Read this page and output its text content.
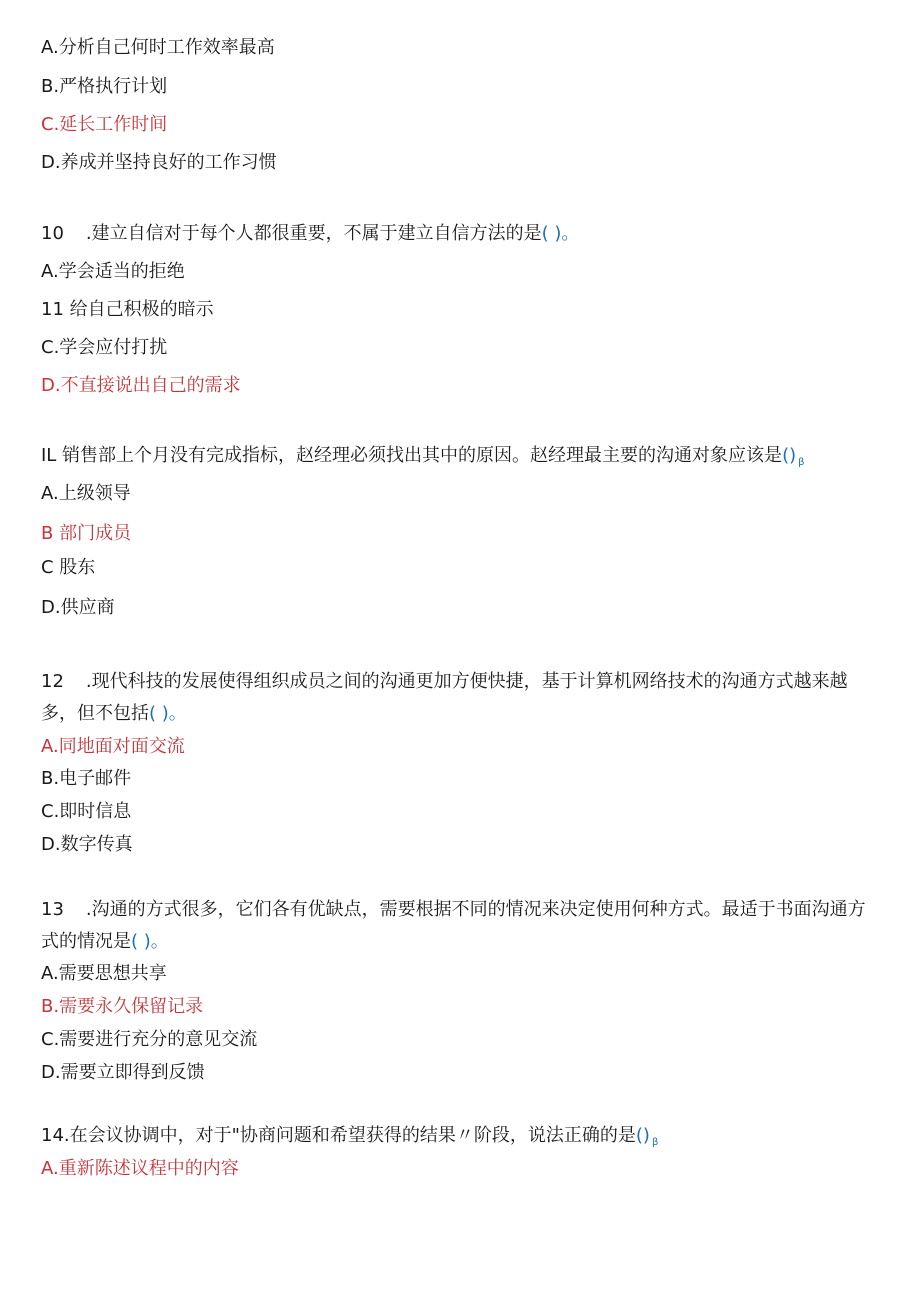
A.分析自己何时工作效率最高
B.严格执行计划
C.延长工作时间
D.养成并坚持良好的工作习惯
10 .建立自信对于每个人都很重要，不属于建立自信方法的是( )。
A.学会适当的拒绝
11 给自己积极的暗示
C.学会应付打扰
D.不直接说出自己的需求
IL 销售部上个月没有完成指标，赵经理必须找出其中的原因。赵经理最主要的沟通对象应该是() $_\beta$
A.上级领导
B 部门成员
C 股东
D.供应商
12 .现代科技的发展使得组织成员之间的沟通更加方便快捷，基于计算机网络技术的沟通方式越来越
多，但不包括( )。
A.同地面对面交流
B.电子邮件
C.即时信息
D.数字传真
13 .沟通的方式很多，它们各有优缺点，需要根据不同的情况来决定使用何种方式。最适于书面沟通方
式的情况是( )。
A.需要思想共享
B.需要永久保留记录
C.需要进行充分的意见交流
D.需要立即得到反馈
14.在会议协调中，对于"协商问题和希望获得的结果〃阶段，说法正确的是() $_\beta$
A.重新陈述议程中的内容
